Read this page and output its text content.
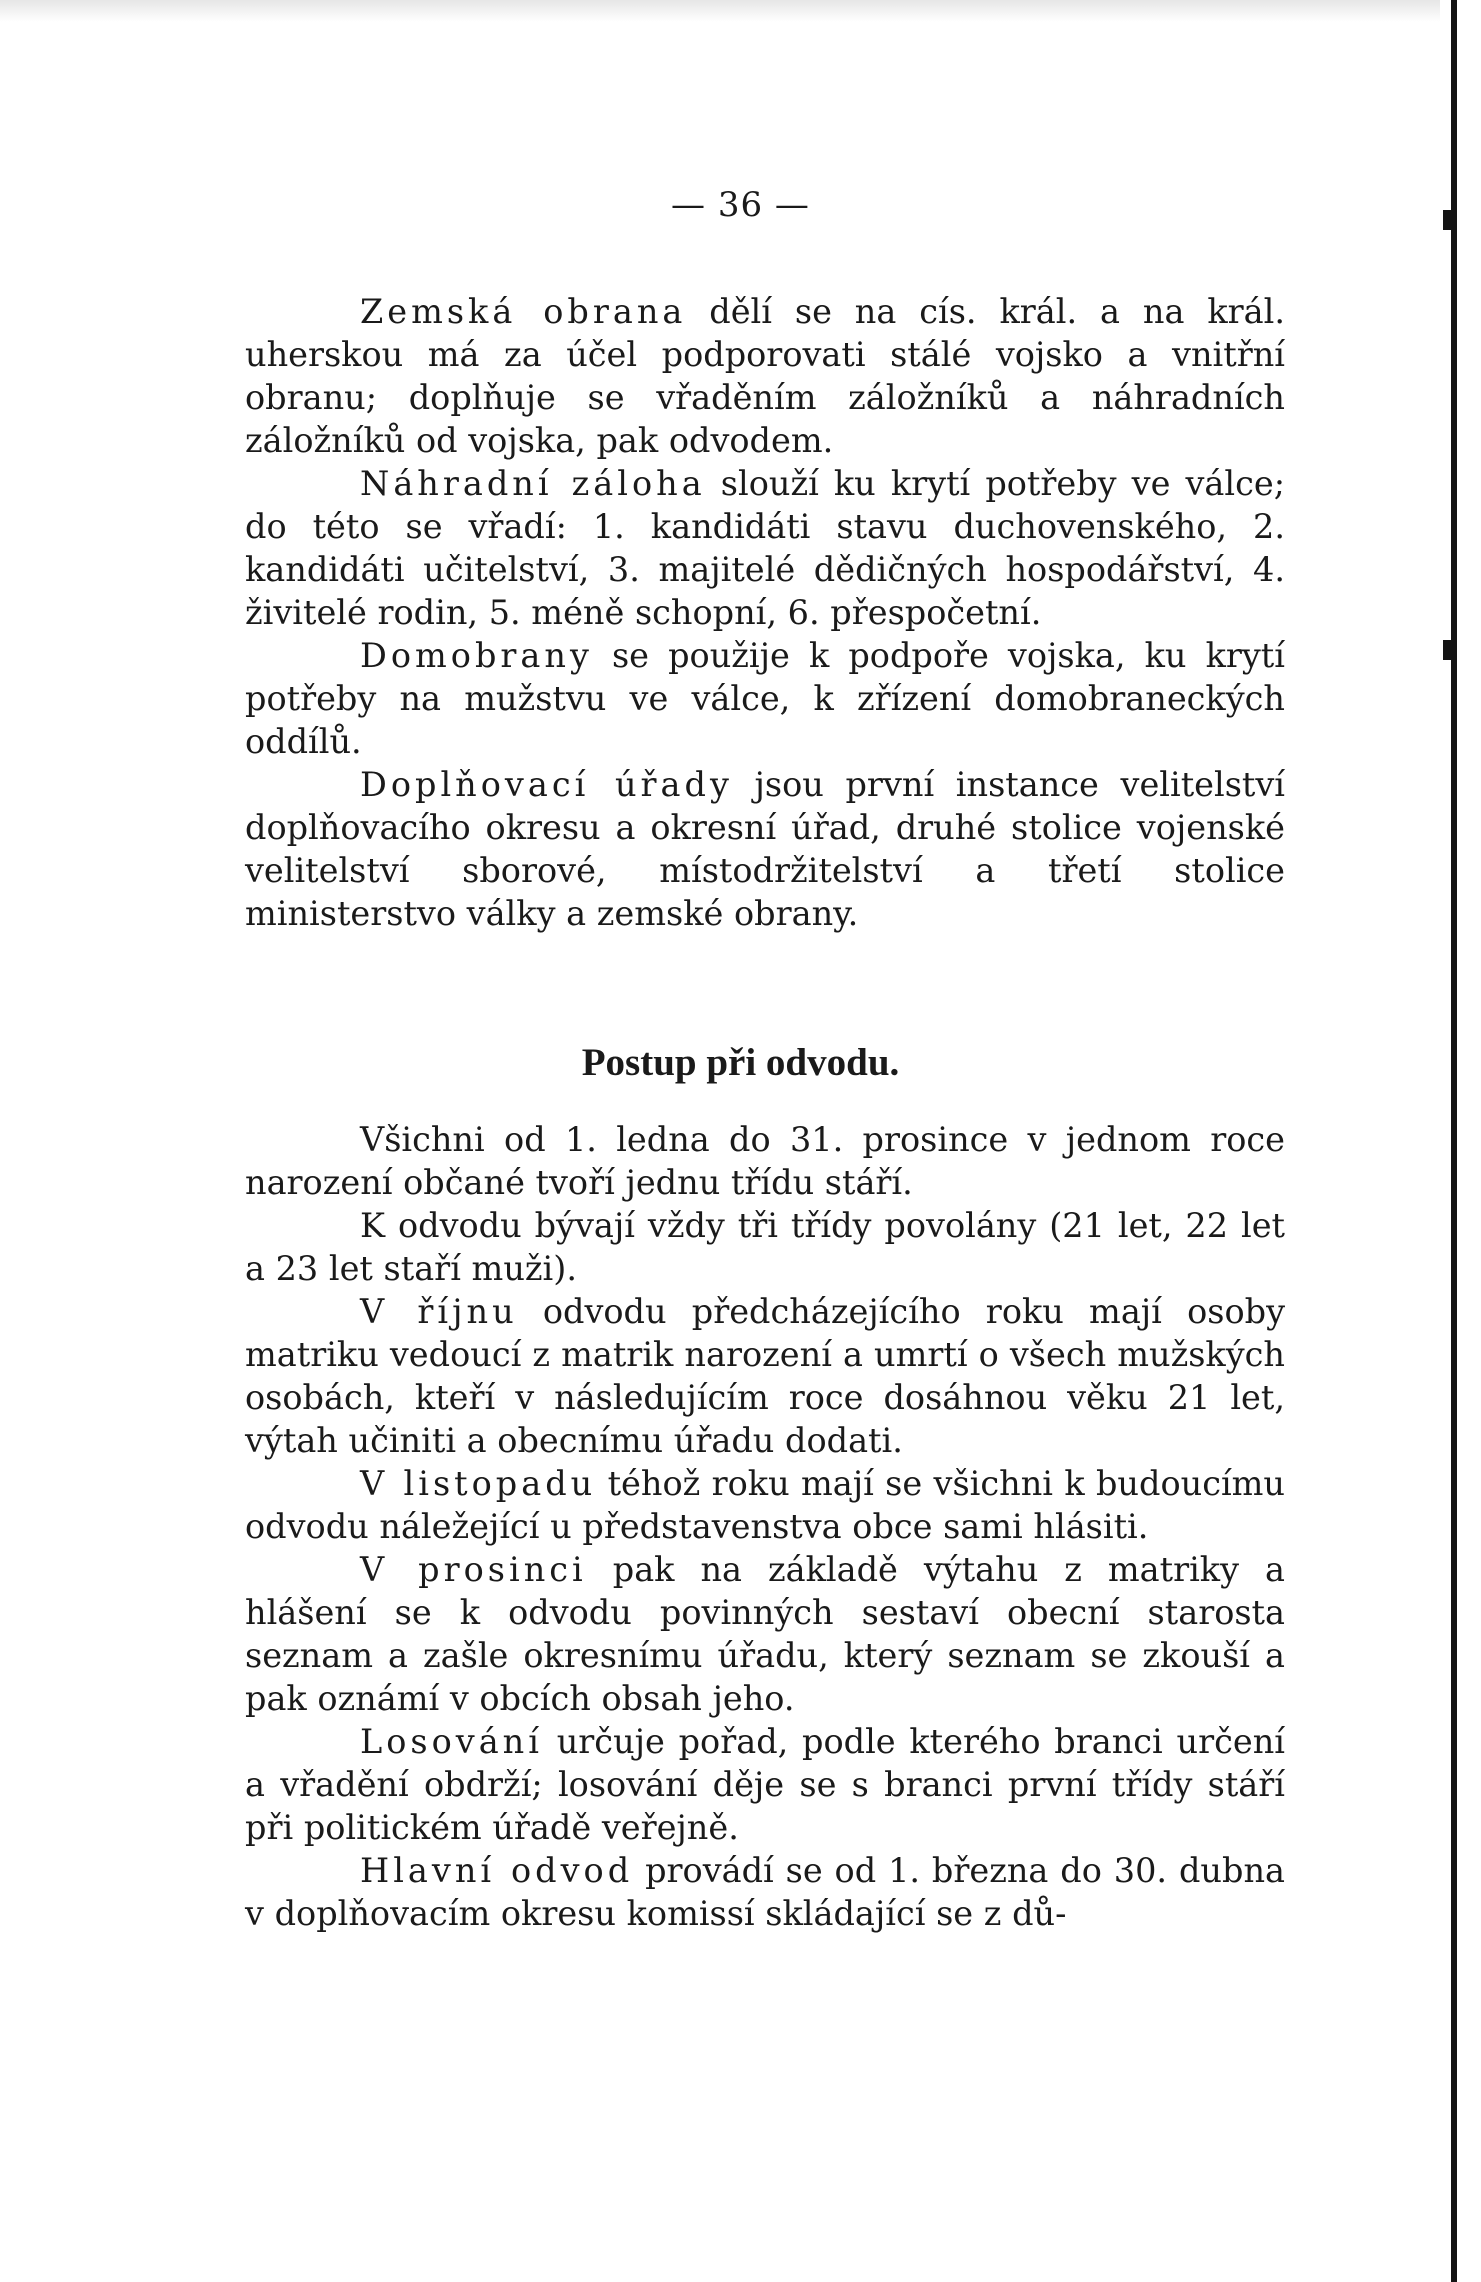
— 36 —

Zemská obrana dělí se na cís. král. a na král. uherskou má za účel podporovati stálé vojsko a vnitřní obranu; doplňuje se vřaděním záložníků a náhradních záložníků od vojska, pak odvodem.

Náhradní záloha slouží ku krytí potřeby ve válce; do této se vřadí: 1. kandidáti stavu duchovenského, 2. kandidáti učitelství, 3. majitelé dědičných hospodářství, 4. živitelé rodin, 5. méně schopní, 6. přespočetní.

Domobrany se použije k podpoře vojska, ku krytí potřeby na mužstvu ve válce, k zřízení domobraneckých oddílů.

Doplňovací úřady jsou první instance velitelství doplňovacího okresu a okresní úřad, druhé stolice vojenské velitelství sborové, místodržitelství a třetí stolice ministerstvo války a zemské obrany.

Postup při odvodu.

Všichni od 1. ledna do 31. prosince v jednom roce narození občané tvoří jednu třídu stáří.

K odvodu bývají vždy tři třídy povolány (21 let, 22 let a 23 let staří muži).

V říjnu odvodu předcházejícího roku mají osoby matriku vedoucí z matrik narození a umrtí o všech mužských osobách, kteří v následujícím roce dosáhnou věku 21 let, výtah učiniti a obecnímu úřadu dodati.

V listopadu téhož roku mají se všichni k budoucímu odvodu náležející u představenstva obce sami hlásiti.

V prosinci pak na základě výtahu z matriky a hlášení se k odvodu povinných sestaví obecní starosta seznam a zašle okresnímu úřadu, který seznam se zkouší a pak oznámí v obcích obsah jeho.

Losování určuje pořad, podle kterého branci určení a vřadění obdrží; losování děje se s branci první třídy stáří při politickém úřadě veřejně.

Hlavní odvod provádí se od 1. března do 30. dubna v doplňovacím okresu komissí skládající se z dů-
